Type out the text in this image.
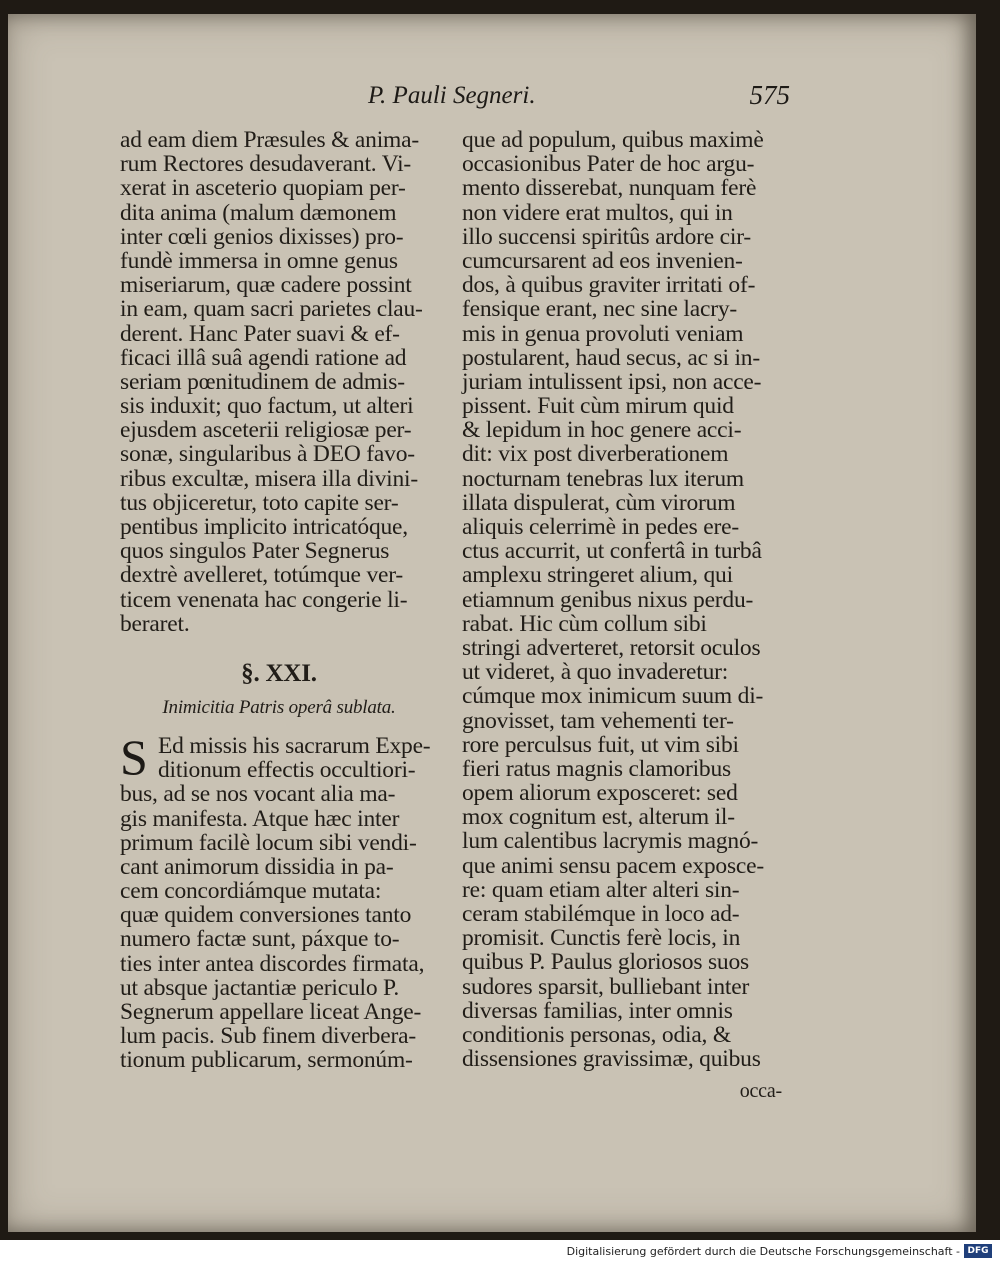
P. Pauli Segneri.	575
ad eam diem Præsules & anima-
rum Rectores desudaverant. Vi-
xerat in asceterio quopiam per-
dita anima (malum dæmonem
inter cœli genios dixisses) pro-
fundè immersa in omne genus
miseriarum, quæ cadere possint
in eam, quam sacri parietes clau-
derent. Hanc Pater suavi & ef-
ficaci illâ suâ agendi ratione ad
seriam pœnitudinem de admis-
sis induxit; quo factum, ut alteri
ejusdem asceterii religiosæ per-
sonæ, singularibus à DEO favo-
ribus excultæ, misera illa divini-
tus objiceretur, toto capite ser-
pentibus implicito intricatóque,
quos singulos Pater Segnerus
dextrè avelleret, totúmque ver-
ticem venenata hac congerie li-
beraret.
§. XXI.
Inimicitia Patris operâ sublata.
S Ed missis his sacrarum Expe-
ditionum effectis occultiori-
bus, ad se nos vocant alia ma-
gis manifesta. Atque hæc inter
primum facilè locum sibi vendi-
cant animorum dissidia in pa-
cem concordiámque mutata:
quæ quidem conversiones tanto
numero factæ sunt, páxque to-
ties inter antea discordes firmata,
ut absque jactantiæ periculo P.
Segnerum appellare liceat Angе-
lum pacis. Sub finem diverbera-
tionum publicarum, sermonúm-
que ad populum, quibus maximè
occasionibus Pater de hoc argu-
mento disserebat, nunquam ferè
non videre erat multos, qui in
illo succensi spiritûs ardore cir-
cumcursarent ad eos invenien-
dos, à quibus graviter irritati of-
fensique erant, nec sine lacry-
mis in genua provoluti veniam
postularent, haud secus, ac si in-
juriam intulissent ipsi, non acce-
pissent. Fuit cùm mirum quid
& lepidum in hoc genere acci-
dit: vix post diverberationem
nocturnam tenebras lux iterum
illata dispulerat, cùm virorum
aliquis celerrimè in pedes ere-
ctus accurrit, ut confertâ in turbâ
amplexu stringeret alium, qui
etiamnum genibus nixus perdu-
rabat. Hic cùm collum sibi
stringi adverteret, retorsit oculos
ut videret, à quo invaderetur:
cúmque mox inimicum suum di-
gnovisset, tam vehementi ter-
rore perculsus fuit, ut vim sibi
fieri ratus magnis clamoribus
opem aliorum exposceret: sed
mox cognitum est, alterum il-
lum calentibus lacrymis magnó-
que animi sensu pacem exposce-
re: quam etiam alter alteri sin-
ceram stabilémque in loco ad-
promisit. Cunctis ferè locis, in
quibus P. Paulus gloriosos suos
sudores sparsit, bulliebant inter
diversas familias, inter omnis
conditionis personas, odia, &
dissensiones gravissimæ, quibus
occa-
Digitalisierung gefördert durch die Deutsche Forschungsgemeinschaft - DFG
